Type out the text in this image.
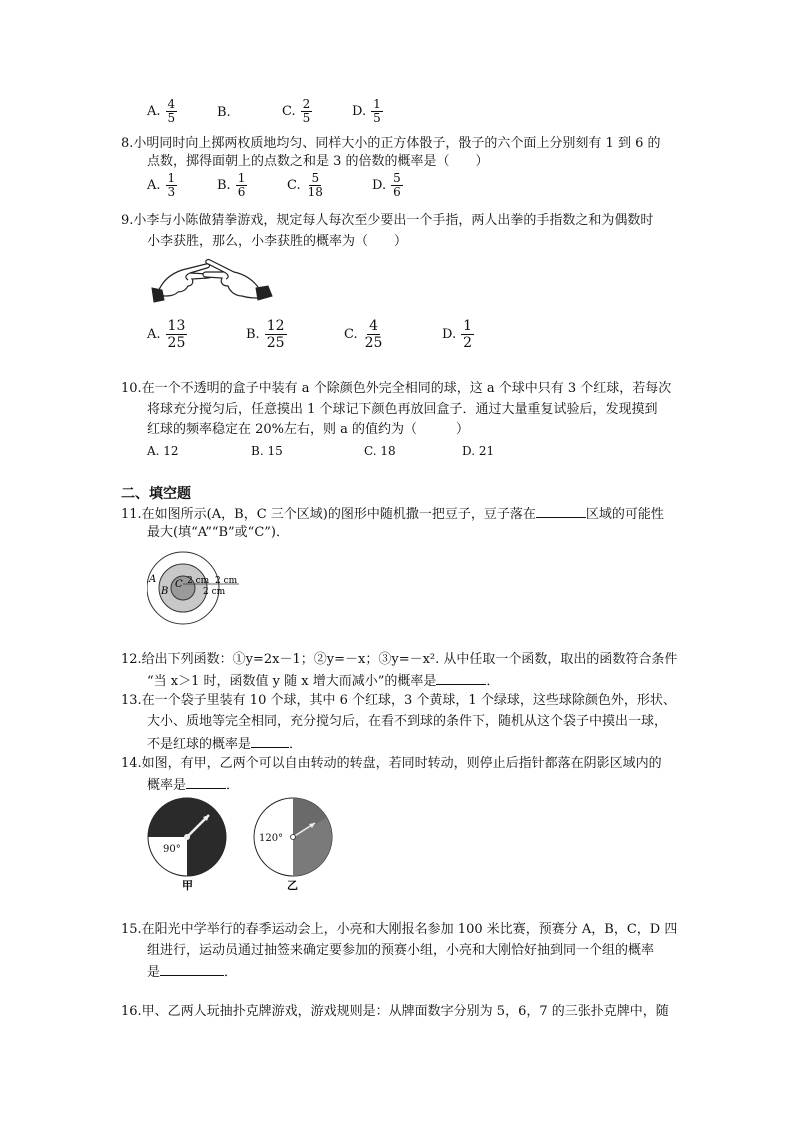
A. $\frac{4}{5}$	B.	C. $\frac{2}{5}$	D. $\frac{1}{5}$
8.小明同时向上掷两枚质地均匀、同样大小的正方体骰子，骰子的六个面上分别刻有 1 到 6 的
点数，掷得面朝上的点数之和是 3 的倍数的概率是（　　）
A. $\frac{1}{3}$	B. $\frac{1}{6}$	C. $\frac{5}{18}$	D. $\frac{5}{6}$
9.小李与小陈做猜拳游戏，规定每人每次至少要出一个手指，两人出拳的手指数之和为偶数时
小李获胜，那么，小李获胜的概率为（　　）
A. $\frac{13}{25}$	B. $\frac{12}{25}$	C. $\frac{4}{25}$	D. $\frac{1}{2}$
10.在一个不透明的盒子中装有 a 个除颜色外完全相同的球，这 a 个球中只有 3 个红球，若每次
将球充分搅匀后，任意摸出 1 个球记下颜色再放回盒子．通过大量重复试验后，发现摸到
红球的频率稳定在 20%左右，则 a 的值约为（　　　）
A. 12	B. 15	C. 18	D. 21
二、填空题
11.在如图所示(A，B，C 三个区域)的图形中随机撒一把豆子，豆子落在	区域的可能性
最大(填“A”“B”或“C”)．
A
B
C 2 cm 2 cm
2 cm
12.给出下列函数：①y=2x－1；②y=－x；③y=－x². 从中任取一个函数，取出的函数符合条件
“当 x＞1 时，函数值 y 随 x 增大而减小”的概率是	．
13.在一个袋子里装有 10 个球，其中 6 个红球，3 个黄球，1 个绿球，这些球除颜色外，形状、
大小、质地等完全相同，充分搅匀后，在看不到球的条件下，随机从这个袋子中摸出一球，
不是红球的概率是	．
14.如图，有甲，乙两个可以自由转动的转盘，若同时转动，则停止后指针都落在阴影区域内的
概率是	．
90°
甲
120°
乙
15.在阳光中学举行的春季运动会上，小亮和大刚报名参加 100 米比赛，预赛分 A，B，C，D 四
组进行，运动员通过抽签来确定要参加的预赛小组，小亮和大刚恰好抽到同一个组的概率
是	．
16.甲、乙两人玩抽扑克牌游戏，游戏规则是：从牌面数字分别为 5，6，7 的三张扑克牌中，随
